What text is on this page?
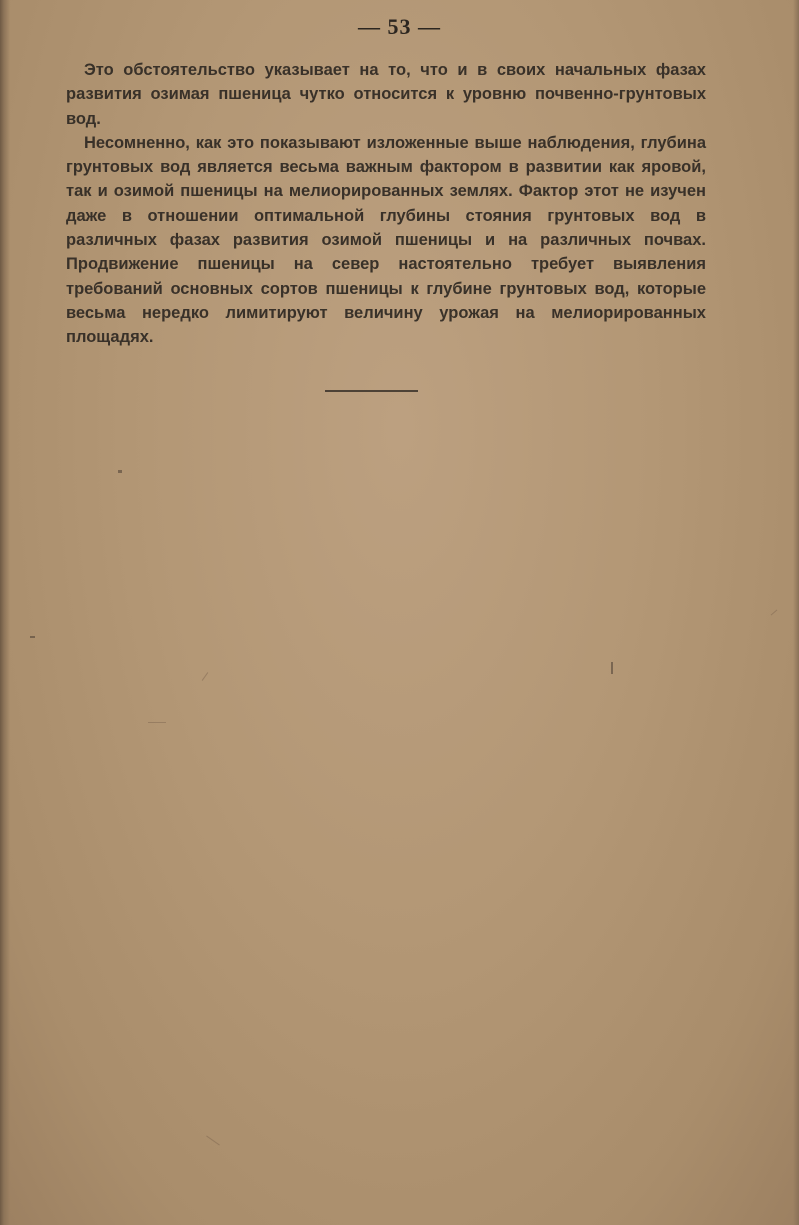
— 53 —

Это обстоятельство указывает на то, что и в своих начальных фазах развития озимая пшеница чутко относится к уровню почвенно-грунтовых вод.

Несомненно, как это показывают изложенные выше наблюдения, глубина грунтовых вод является весьма важным фактором в развитии как яровой, так и озимой пшеницы на мелиорированных землях. Фактор этот не изучен даже в отношении оптимальной глубины стояния грунтовых вод в различных фазах развития озимой пшеницы и на различных почвах. Продвижение пшеницы на север настоятельно требует выявления требований основных сортов пшеницы к глубине грунтовых вод, которые весьма нередко лимитируют величину урожая на мелиорированных площадях.
